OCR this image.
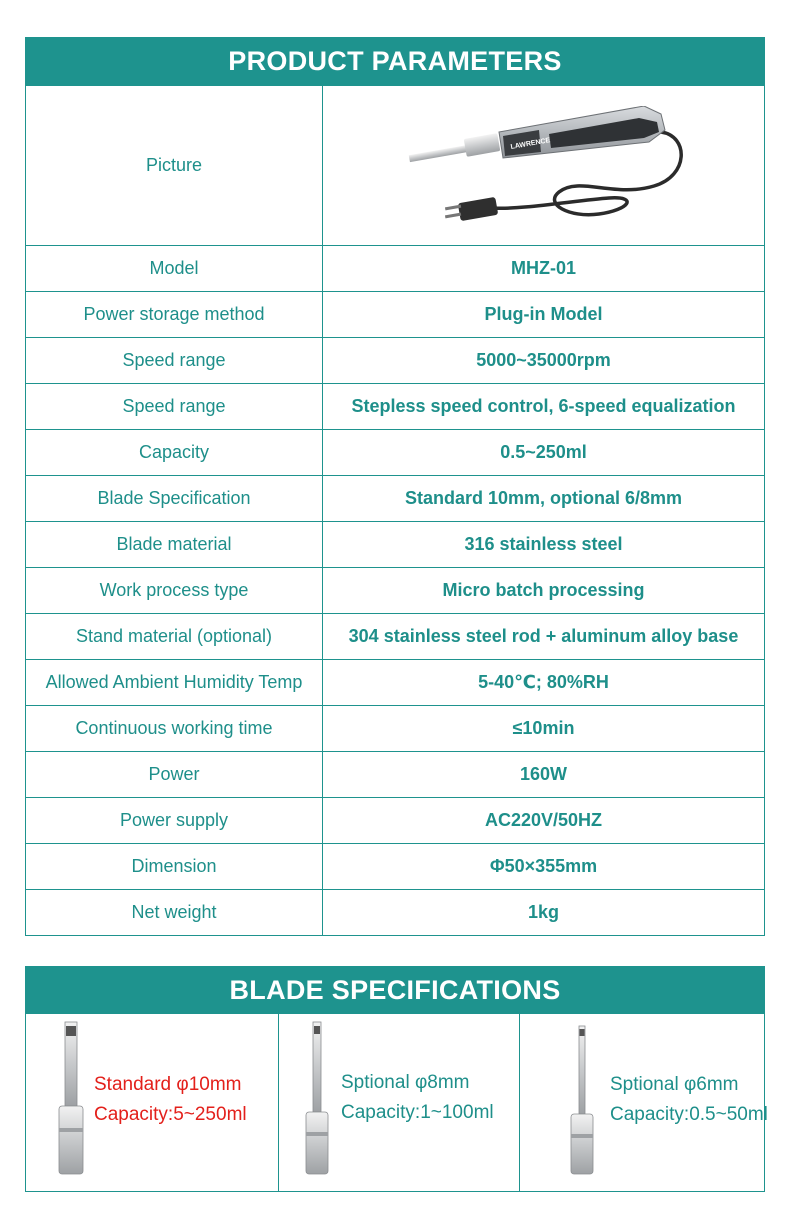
PRODUCT PARAMETERS
Picture	LAWRENCE

Model	MHZ-01
Power storage method	Plug-in Model
Speed range	5000~35000rpm
Speed range	Stepless speed control, 6-speed equalization
Capacity	0.5~250ml
Blade Specification	Standard 10mm, optional 6/8mm
Blade material	316 stainless steel
Work process type	Micro batch processing
Stand material (optional)	304 stainless steel rod + aluminum alloy base
Allowed Ambient Humidity Temp	5-40℃; 80%RH
Continuous working time	≤10min
Power	160W
Power supply	AC220V/50HZ
Dimension	Φ50×355mm
Net weight	1kg
BLADE SPECIFICATIONS
Standard φ10mm
Capacity:5~250ml
Sptional φ8mm
Capacity:1~100ml
Sptional φ6mm
Capacity:0.5~50ml
